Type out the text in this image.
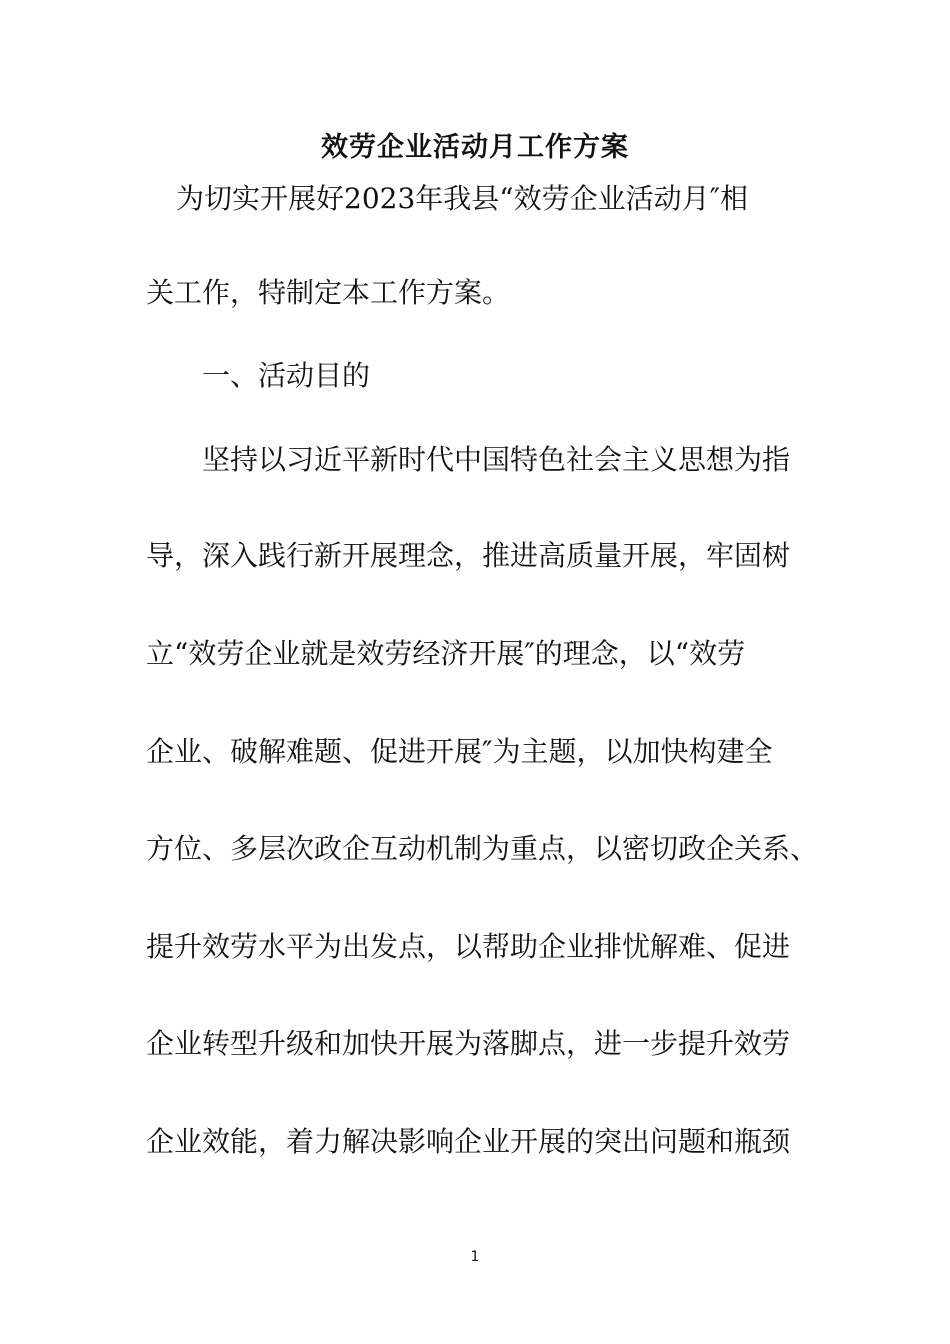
效劳企业活动月工作方案
为切实开展好2023年我县“效劳企业活动月″相
关工作，特制定本工作方案。
一、活动目的
坚持以习近平新时代中国特色社会主义思想为指
导，深入践行新开展理念，推进高质量开展，牢固树
立“效劳企业就是效劳经济开展″的理念，以“效劳
企业、破解难题、促进开展″为主题，以加快构建全
方位、多层次政企互动机制为重点，以密切政企关系、
提升效劳水平为出发点，以帮助企业排忧解难、促进
企业转型升级和加快开展为落脚点，进一步提升效劳
企业效能，着力解决影响企业开展的突出问题和瓶颈
1
